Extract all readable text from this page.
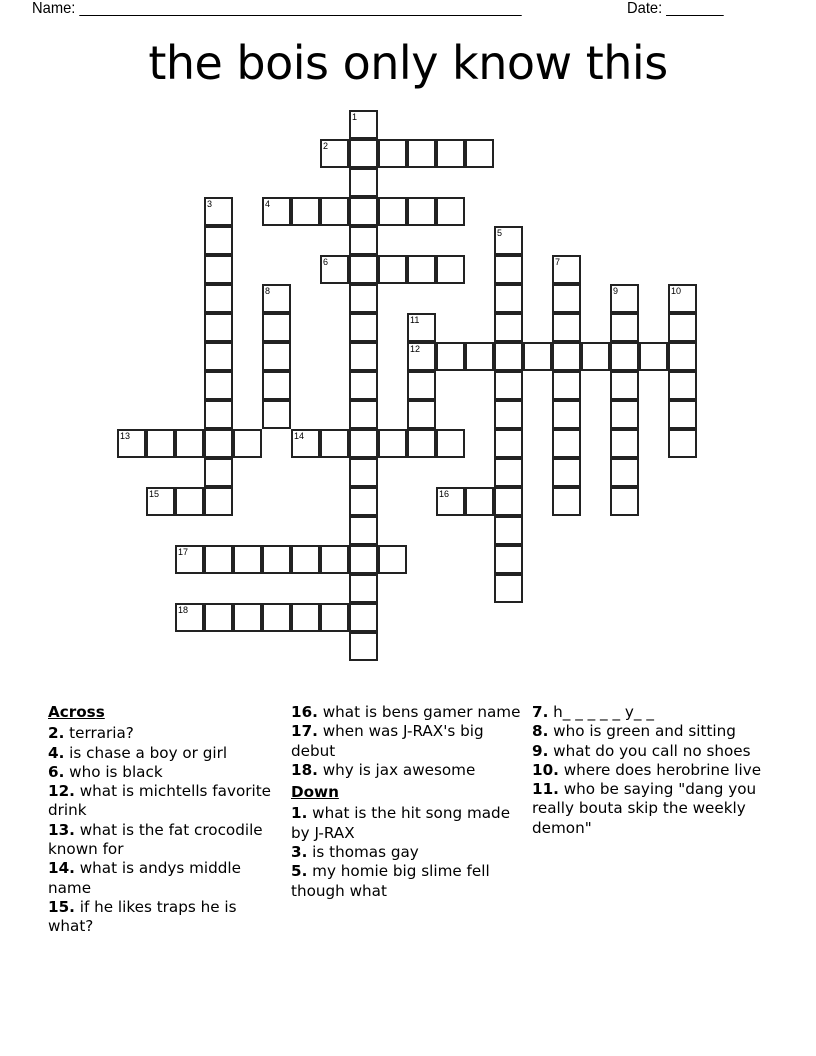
Name: ______________________________________________________	Date: _______
the bois only know this
1
2
3	4
5
6	7
8	9	10
11
12
13	14
15	16
17
18
Across
2. terraria?
4. is chase a boy or girl
6. who is black
12. what is michtells favorite drink
13. what is the fat crocodile known for
14. what is andys middle name
15. if he likes traps he is what?
16. what is bens gamer name
17. when was J-RAX's big debut
18. why is jax awesome
Down
1. what is the hit song made by J-RAX
3. is thomas gay
5. my homie big slime fell though what
7. h_ _ _ _ _ y_ _
8. who is green and sitting
9. what do you call no shoes
10. where does herobrine live
11. who be saying "dang you really bouta skip the weekly demon"
